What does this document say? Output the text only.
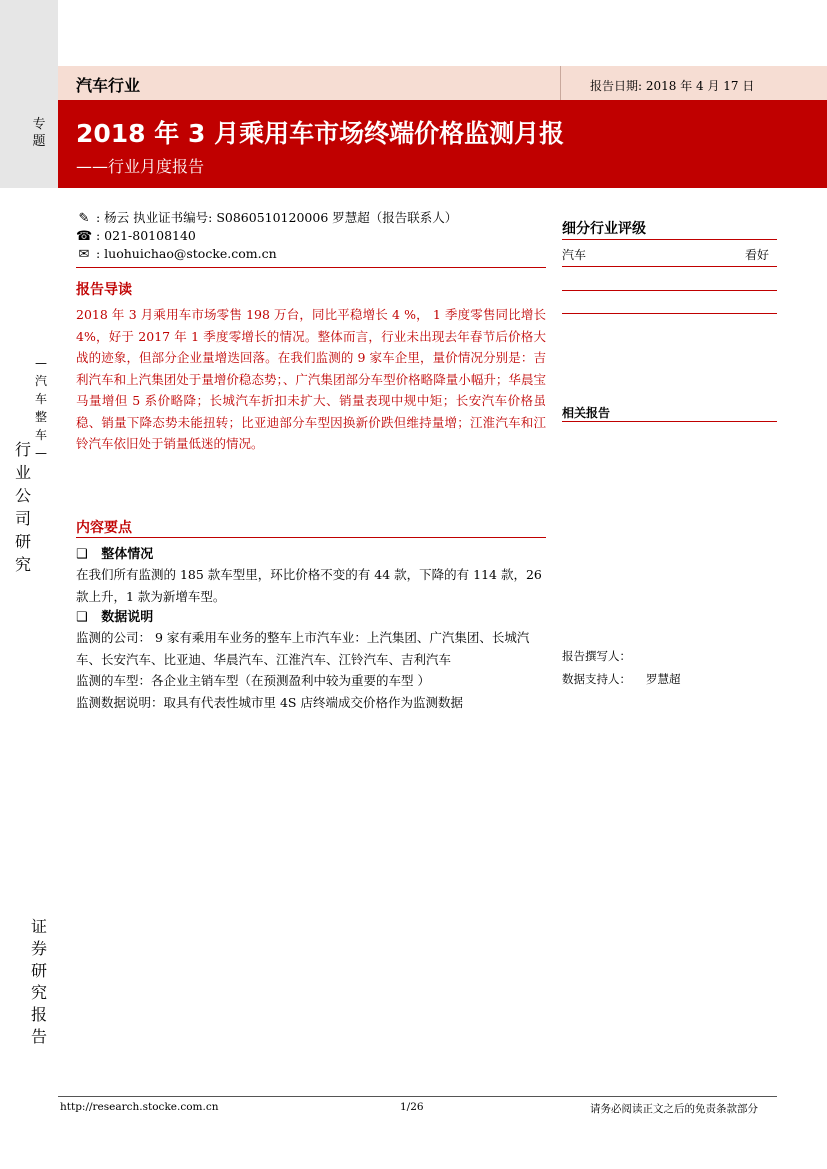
专题
行业公司研究
—汽车整车—
证券研究报告
汽车行业	报告日期: 2018 年 4 月 17 日
2018 年 3 月乘用车市场终端价格监测月报
——行业月度报告
✎ : 杨云 执业证书编号: S0860510120006 罗慧超（报告联系人）
☎ : 021-80108140
✉ : luohuichao@stocke.com.cn
报告导读
2018 年 3 月乘用车市场零售 198 万台，同比平稳增长 4 %， 1 季度零售同比增长 4%，好于 2017 年 1 季度零增长的情况。整体而言，行业未出现去年春节后价格大战的迹象，但部分企业量增迭回落。在我们监测的 9 家车企里，量价情况分别是：吉利汽车和上汽集团处于量增价稳态势；、广汽集团部分车型价格略降量小幅升；华晨宝马量增但 5 系价略降；长城汽车折扣未扩大、销量表现中规中矩；长安汽车价格虽稳、销量下降态势未能扭转；比亚迪部分车型因换新价跌但维持量增；江淮汽车和江铃汽车依旧处于销量低迷的情况。
内容要点
❑ 整体情况
在我们所有监测的 185 款车型里，环比价格不变的有 44 款，下降的有 114 款，26 款上升，1 款为新增车型。
❑ 数据说明
监测的公司： 9 家有乘用车业务的整车上市汽车业：上汽集团、广汽集团、长城汽车、长安汽车、比亚迪、华晨汽车、江淮汽车、江铃汽车、吉利汽车
监测的车型：各企业主销车型（在预测盈利中较为重要的车型 ）
监测数据说明：取具有代表性城市里 4S 店终端成交价格作为监测数据
细分行业评级
汽车	看好
相关报告
报告撰写人：
数据支持人： 罗慧超
http://research.stocke.com.cn	1/26	请务必阅读正文之后的免责条款部分
